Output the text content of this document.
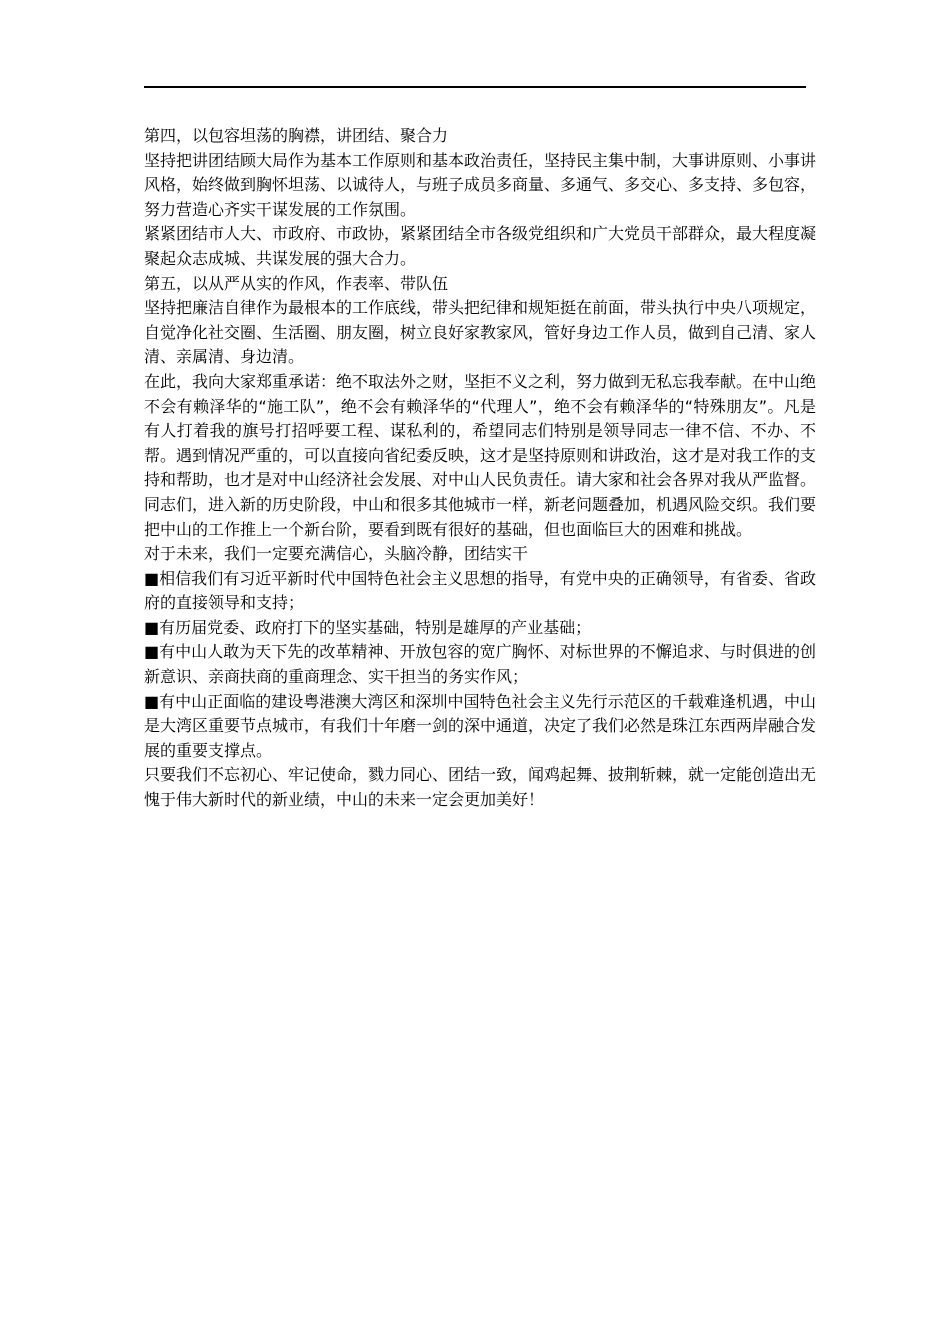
第四，以包容坦荡的胸襟，讲团结、聚合力

坚持把讲团结顾大局作为基本工作原则和基本政治责任，坚持民主集中制，大事讲原则、小事讲风格，始终做到胸怀坦荡、以诚待人，与班子成员多商量、多通气、多交心、多支持、多包容，努力营造心齐实干谋发展的工作氛围。

紧紧团结市人大、市政府、市政协，紧紧团结全市各级党组织和广大党员干部群众，最大程度凝聚起众志成城、共谋发展的强大合力。

第五，以从严从实的作风，作表率、带队伍

坚持把廉洁自律作为最根本的工作底线，带头把纪律和规矩挺在前面，带头执行中央八项规定，自觉净化社交圈、生活圈、朋友圈，树立良好家教家风，管好身边工作人员，做到自己清、家人清、亲属清、身边清。

在此，我向大家郑重承诺：绝不取法外之财，坚拒不义之利，努力做到无私忘我奉献。在中山绝不会有赖泽华的“施工队”，绝不会有赖泽华的“代理人”，绝不会有赖泽华的“特殊朋友”。凡是有人打着我的旗号打招呼要工程、谋私利的，希望同志们特别是领导同志一律不信、不办、不帮。遇到情况严重的，可以直接向省纪委反映，这才是坚持原则和讲政治，这才是对我工作的支持和帮助，也才是对中山经济社会发展、对中山人民负责任。请大家和社会各界对我从严监督。

同志们，进入新的历史阶段，中山和很多其他城市一样，新老问题叠加，机遇风险交织。我们要把中山的工作推上一个新台阶，要看到既有很好的基础，但也面临巨大的困难和挑战。

对于未来，我们一定要充满信心，头脑冷静，团结实干

■相信我们有习近平新时代中国特色社会主义思想的指导，有党中央的正确领导，有省委、省政府的直接领导和支持；

■有历届党委、政府打下的坚实基础，特别是雄厚的产业基础；

■有中山人敢为天下先的改革精神、开放包容的宽广胸怀、对标世界的不懈追求、与时俱进的创新意识、亲商扶商的重商理念、实干担当的务实作风；

■有中山正面临的建设粤港澳大湾区和深圳中国特色社会主义先行示范区的千载难逢机遇，中山是大湾区重要节点城市，有我们十年磨一剑的深中通道，决定了我们必然是珠江东西两岸融合发展的重要支撑点。

只要我们不忘初心、牢记使命，戮力同心、团结一致，闻鸡起舞、披荆斩棘，就一定能创造出无愧于伟大新时代的新业绩，中山的未来一定会更加美好！
